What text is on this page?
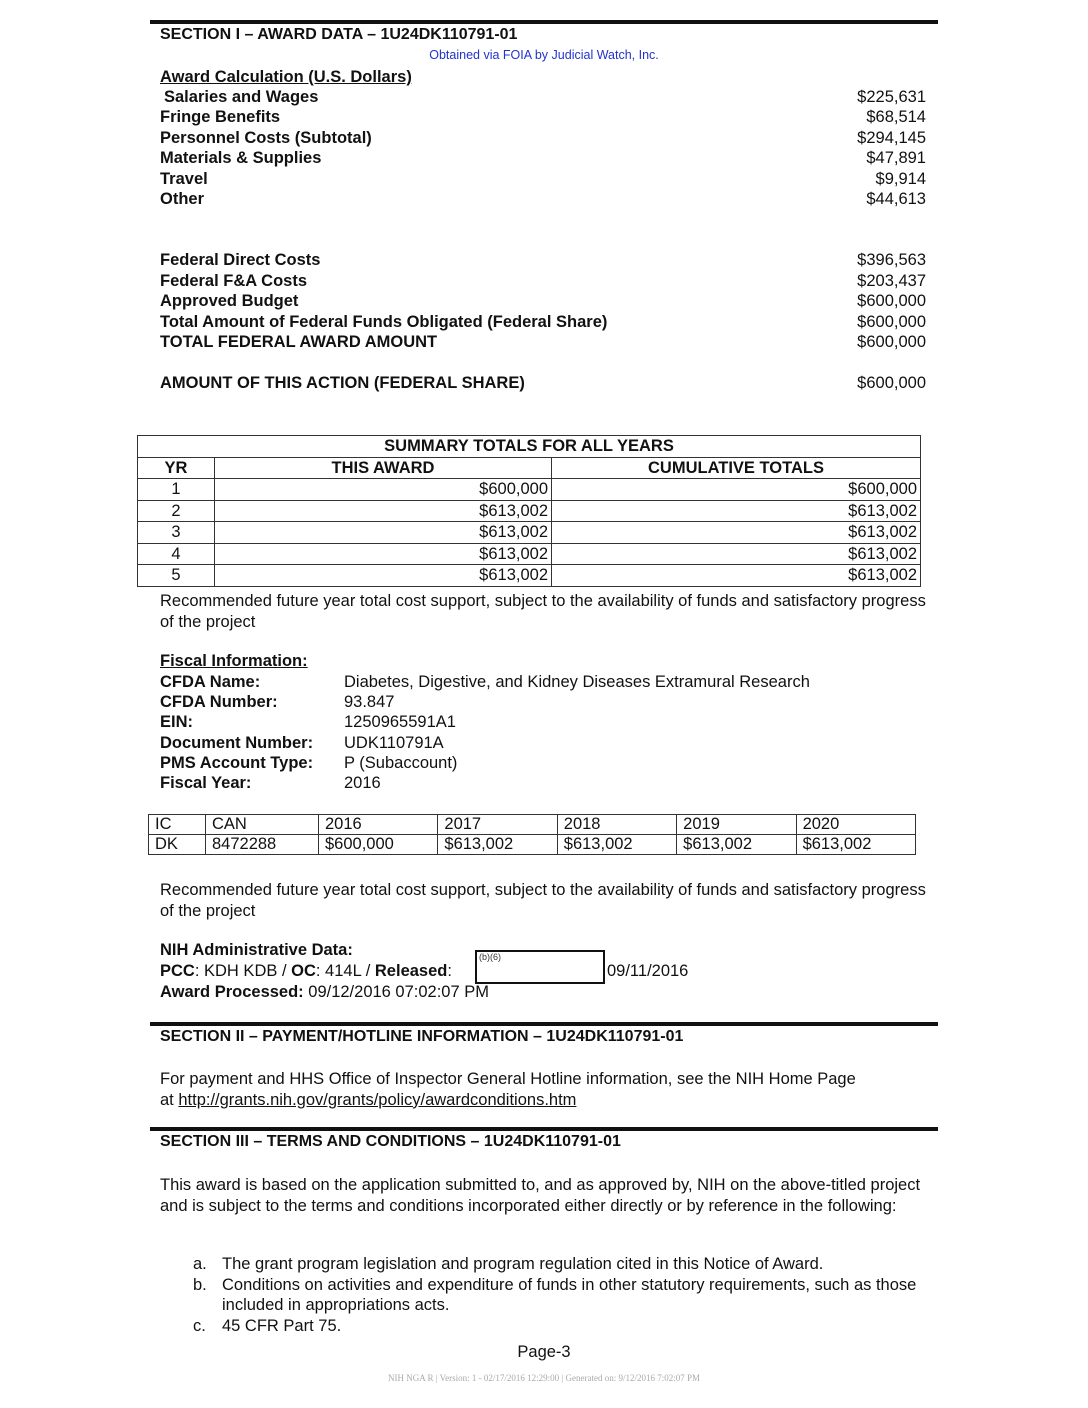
SECTION I – AWARD DATA – 1U24DK110791-01
Obtained via FOIA by Judicial Watch, Inc.
Award Calculation (U.S. Dollars)
Salaries and Wages	$225,631
Fringe Benefits	$68,514
Personnel Costs (Subtotal)	$294,145
Materials & Supplies	$47,891
Travel	$9,914
Other	$44,613
Federal Direct Costs	$396,563
Federal F&A Costs	$203,437
Approved Budget	$600,000
Total Amount of Federal Funds Obligated (Federal Share)	$600,000
TOTAL FEDERAL AWARD AMOUNT	$600,000
AMOUNT OF THIS ACTION (FEDERAL SHARE)	$600,000
SUMMARY TOTALS FOR ALL YEARS		
YR	THIS AWARD	CUMULATIVE TOTALS
1	$600,000	$600,000
2	$613,002	$613,002
3	$613,002	$613,002
4	$613,002	$613,002
5	$613,002	$613,002
Recommended future year total cost support, subject to the availability of funds and satisfactory progress of the project
Fiscal Information:
CFDA Name:	Diabetes, Digestive, and Kidney Diseases Extramural Research
CFDA Number:	93.847
EIN:	1250965591A1
Document Number: UDK110791A
PMS Account Type: P (Subaccount)
Fiscal Year:	2016
IC	CAN	2016	2017	2018	2019	2020
DK	8472288	$600,000	$613,002	$613,002	$613,002	$613,002
Recommended future year total cost support, subject to the availability of funds and satisfactory progress of the project
NIH Administrative Data:
PCC: KDH KDB / OC: 414L / Released:
(b)(6)
09/11/2016
Award Processed: 09/12/2016 07:02:07 PM
SECTION II – PAYMENT/HOTLINE INFORMATION – 1U24DK110791-01
For payment and HHS Office of Inspector General Hotline information, see the NIH Home Page
at http://grants.nih.gov/grants/policy/awardconditions.htm
SECTION III – TERMS AND CONDITIONS – 1U24DK110791-01
This award is based on the application submitted to, and as approved by, NIH on the above-titled project and is subject to the terms and conditions incorporated either directly or by reference in the following:
a. The grant program legislation and program regulation cited in this Notice of Award.
b. Conditions on activities and expenditure of funds in other statutory requirements, such as those included in appropriations acts.
c. 45 CFR Part 75.
Page-3
NIH NGA R | Version: 1 - 02/17/2016 12:29:00 | Generated on: 9/12/2016 7:02:07 PM
